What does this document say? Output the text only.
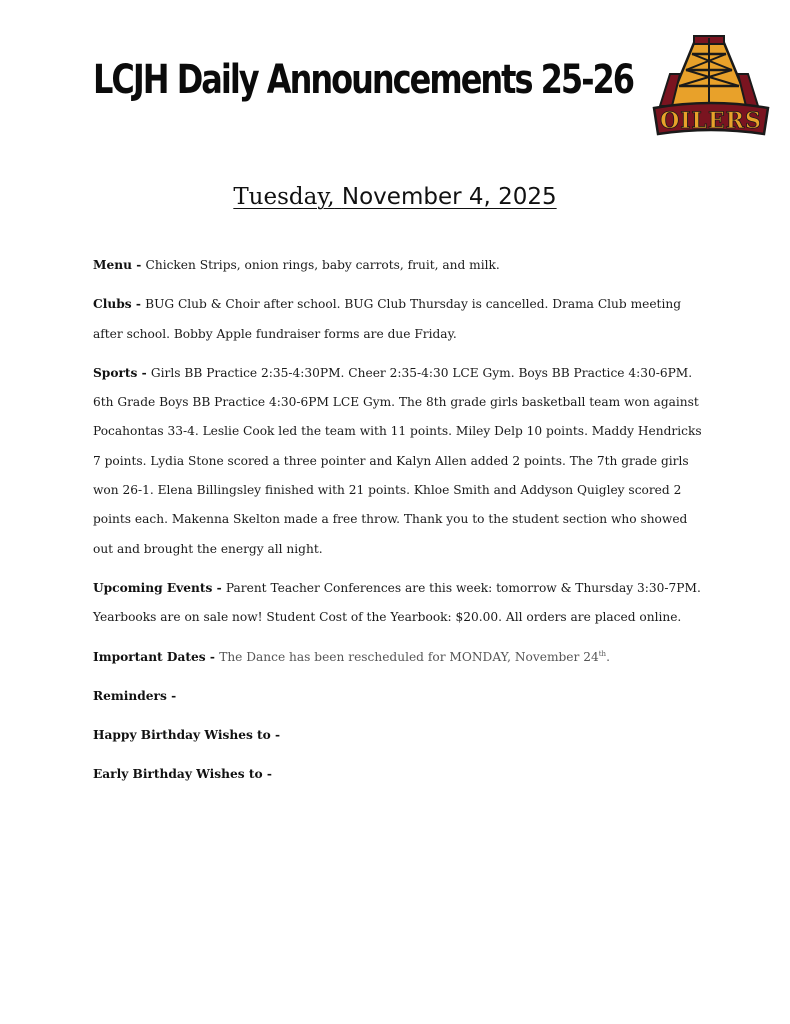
LCJH Daily Announcements 25-26
OILERS
Tuesday, November 4, 2025

Menu - Chicken Strips, onion rings, baby carrots, fruit, and milk.

Clubs - BUG Club & Choir after school. BUG Club Thursday is cancelled. Drama Club meeting after school. Bobby Apple fundraiser forms are due Friday.

Sports - Girls BB Practice 2:35-4:30PM. Cheer 2:35-4:30 LCE Gym. Boys BB Practice 4:30-6PM. 6th Grade Boys BB Practice 4:30-6PM LCE Gym. The 8th grade girls basketball team won against Pocahontas 33-4. Leslie Cook led the team with 11 points. Miley Delp 10 points. Maddy Hendricks 7 points. Lydia Stone scored a three pointer and Kalyn Allen added 2 points. The 7th grade girls won 26-1. Elena Billingsley finished with 21 points. Khloe Smith and Addyson Quigley scored 2 points each. Makenna Skelton made a free throw. Thank you to the student section who showed out and brought the energy all night.

Upcoming Events - Parent Teacher Conferences are this week: tomorrow & Thursday 3:30-7PM. Yearbooks are on sale now! Student Cost of the Yearbook: $20.00. All orders are placed online.

Important Dates - The Dance has been rescheduled for MONDAY, November 24th.

Reminders -

Happy Birthday Wishes to -

Early Birthday Wishes to -
